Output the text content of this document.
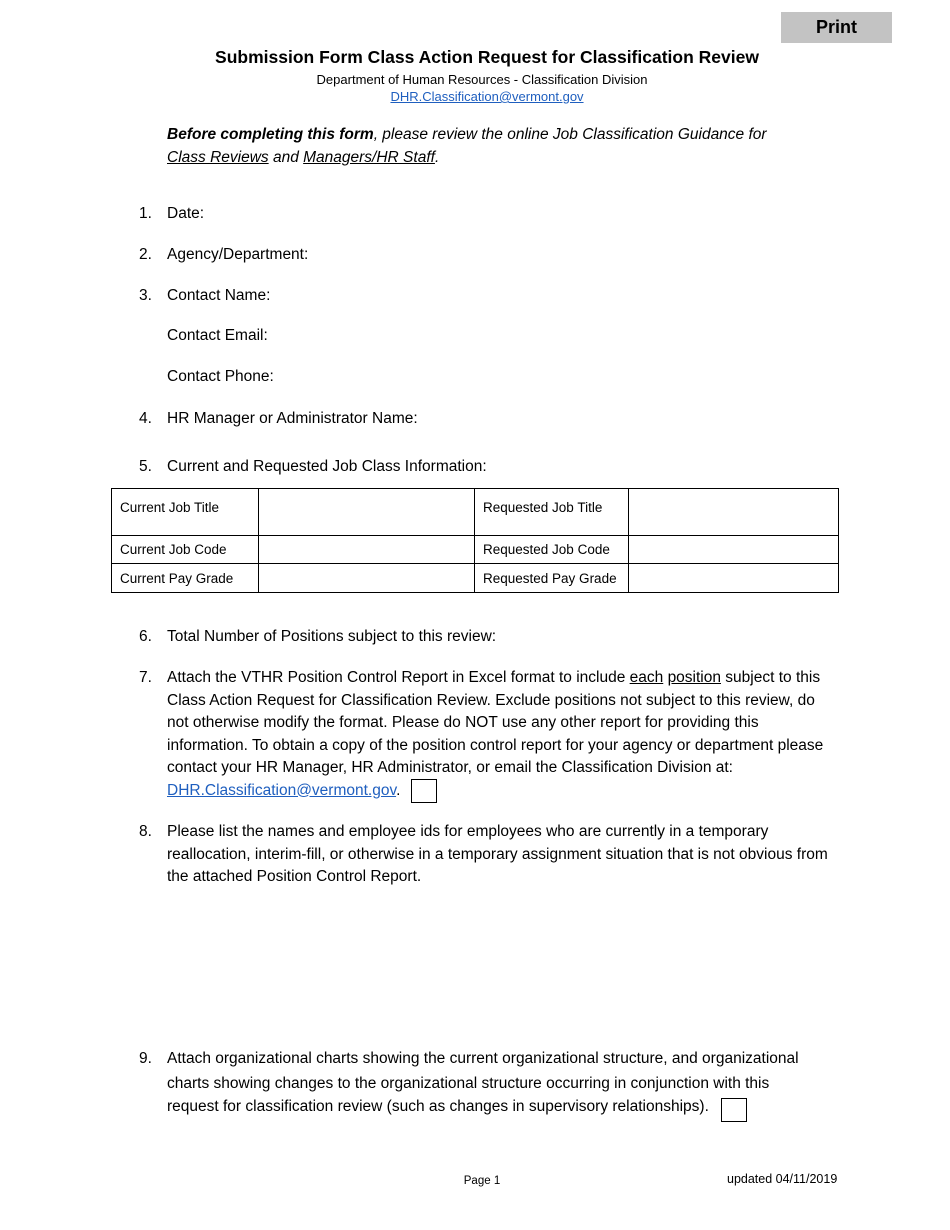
Print
Submission Form Class Action Request for Classification Review
Department of Human Resources - Classification Division
DHR.Classification@vermont.gov
Before completing this form, please review the online Job Classification Guidance for Class Reviews and Managers/HR Staff.
1. Date:
2. Agency/Department:
3. Contact Name:
Contact Email:
Contact Phone:
4. HR Manager or Administrator Name:
5. Current and Requested Job Class Information:
Current Job Title		Requested Job Title	

Current Job Code		Requested Job Code	
Current Pay Grade		Requested Pay Grade	
6. Total Number of Positions subject to this review:
7. Attach the VTHR Position Control Report in Excel format to include each position subject to this Class Action Request for Classification Review. Exclude positions not subject to this review, do not otherwise modify the format. Please do NOT use any other report for providing this information. To obtain a copy of the position control report for your agency or department please contact your HR Manager, HR Administrator, or email the Classification Division at: DHR.Classification@vermont.gov.
8. Please list the names and employee ids for employees who are currently in a temporary reallocation, interim-fill, or otherwise in a temporary assignment situation that is not obvious from the attached Position Control Report.
9. Attach organizational charts showing the current organizational structure, and organizational
charts showing changes to the organizational structure occurring in conjunction with this
request for classification review (such as changes in supervisory relationships).
Page 1	updated 04/11/2019
